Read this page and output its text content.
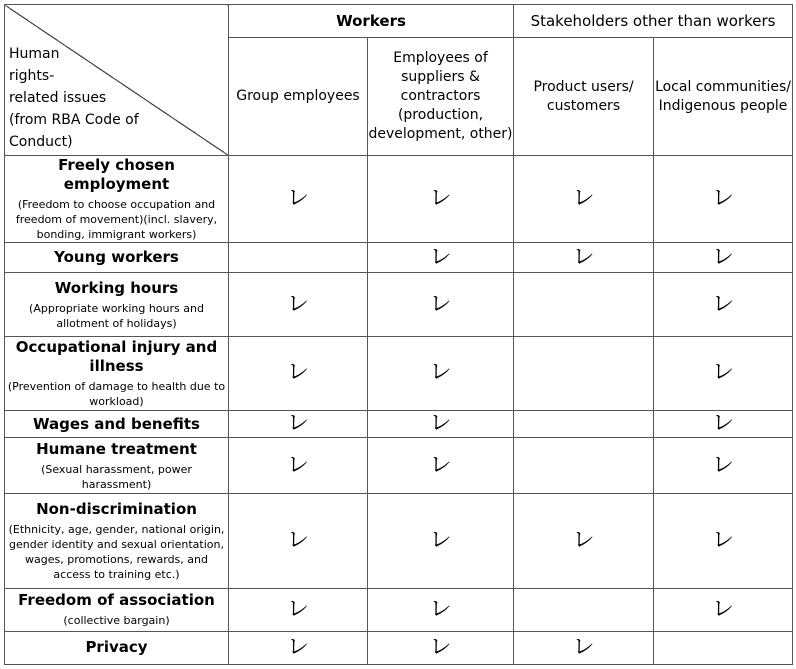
Human
rights-
related issues
(from RBA Code of
Conduct)	Workers		Stakeholders other than workers	
	Group employees	Employees of suppliers & contractors (production, development, other)	Product users/ customers	Local communities/ Indigenous people

Freely chosen employment
(Freedom to choose occupation and freedom of movement)(incl. slavery, bonding, immigrant workers)	レ	レ	レ	レ

Young workers		レ	レ	レ

Working hours
(Appropriate working hours and allotment of holidays)	レ	レ		レ

Occupational injury and illness
(Prevention of damage to health due to workload)	レ	レ		レ

Wages and benefits	レ	レ		レ

Humane treatment
(Sexual harassment, power harassment)	レ	レ		レ

Non-discrimination
(Ethnicity, age, gender, national origin, gender identity and sexual orientation, wages, promotions, rewards, and access to training etc.)	レ	レ	レ	レ

Freedom of association
(collective bargain)	レ	レ		レ

Privacy	レ	レ	レ	
